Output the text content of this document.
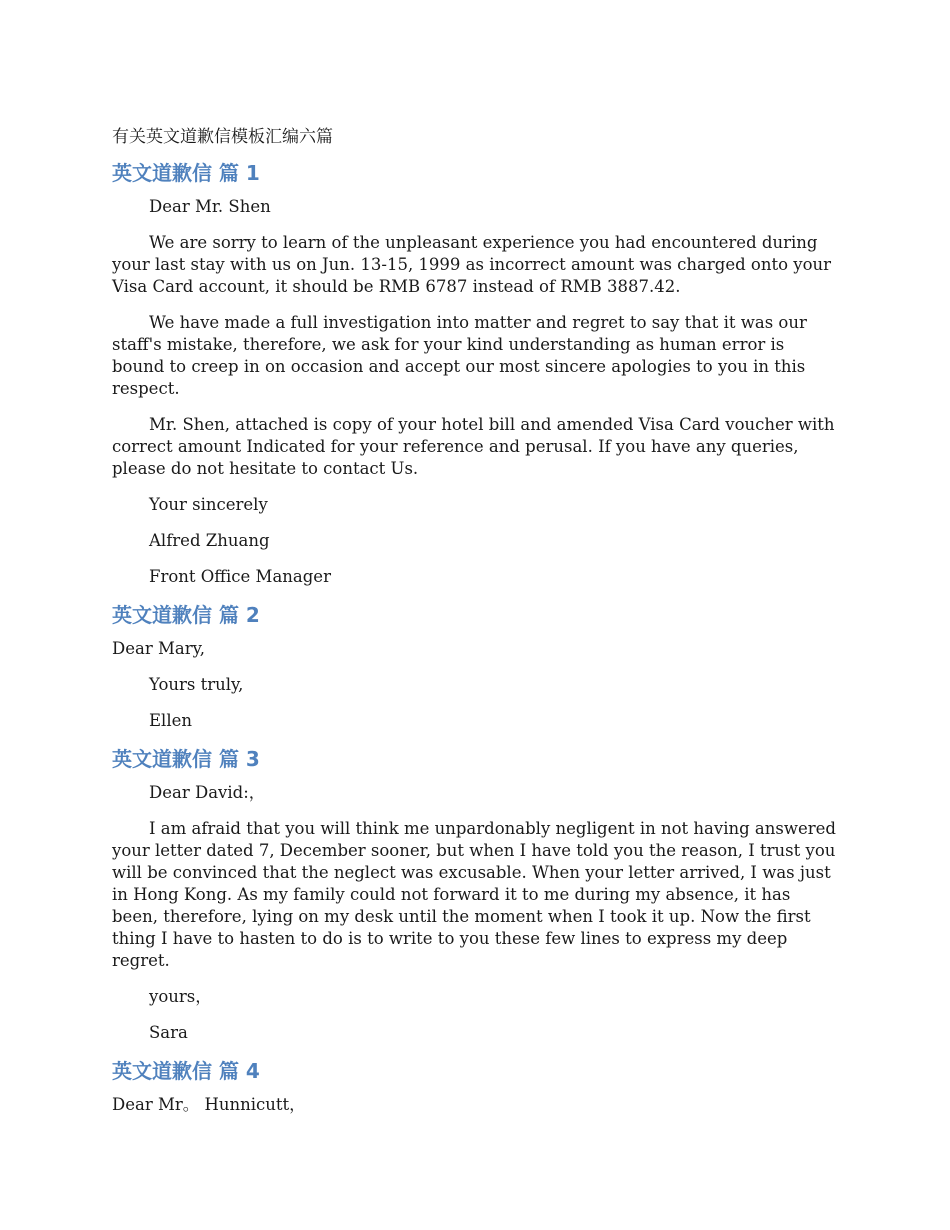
有关英文道歉信模板汇编六篇
英文道歉信 篇 1

Dear Mr. Shen

We are sorry to learn of the unpleasant experience you had encountered during your last stay with us on Jun. 13-15, 1999 as incorrect amount was charged onto your Visa Card account, it should be RMB 6787 instead of RMB 3887.42.

We have made a full investigation into matter and regret to say that it was our staff's mistake, therefore, we ask for your kind understanding as human error is bound to creep in on occasion and accept our most sincere apologies to you in this respect.

Mr. Shen, attached is copy of your hotel bill and amended Visa Card voucher with correct amount Indicated for your reference and perusal. If you have any queries, please do not hesitate to contact Us.

Your sincerely

Alfred Zhuang

Front Office Manager

英文道歉信 篇 2

Dear Mary,

Yours truly,

Ellen

英文道歉信 篇 3

Dear David:，

I am afraid that you will think me unpardonably negligent in not having answered your letter dated 7, December sooner, but when I have told you the reason, I trust you will be convinced that the neglect was excusable. When your letter arrived, I was just in Hong Kong. As my family could not forward it to me during my absence, it has been, therefore, lying on my desk until the moment when I took it up. Now the first thing I have to hasten to do is to write to you these few lines to express my deep regret.

yours，

Sara

英文道歉信 篇 4

Dear Mr。 Hunnicutt，
